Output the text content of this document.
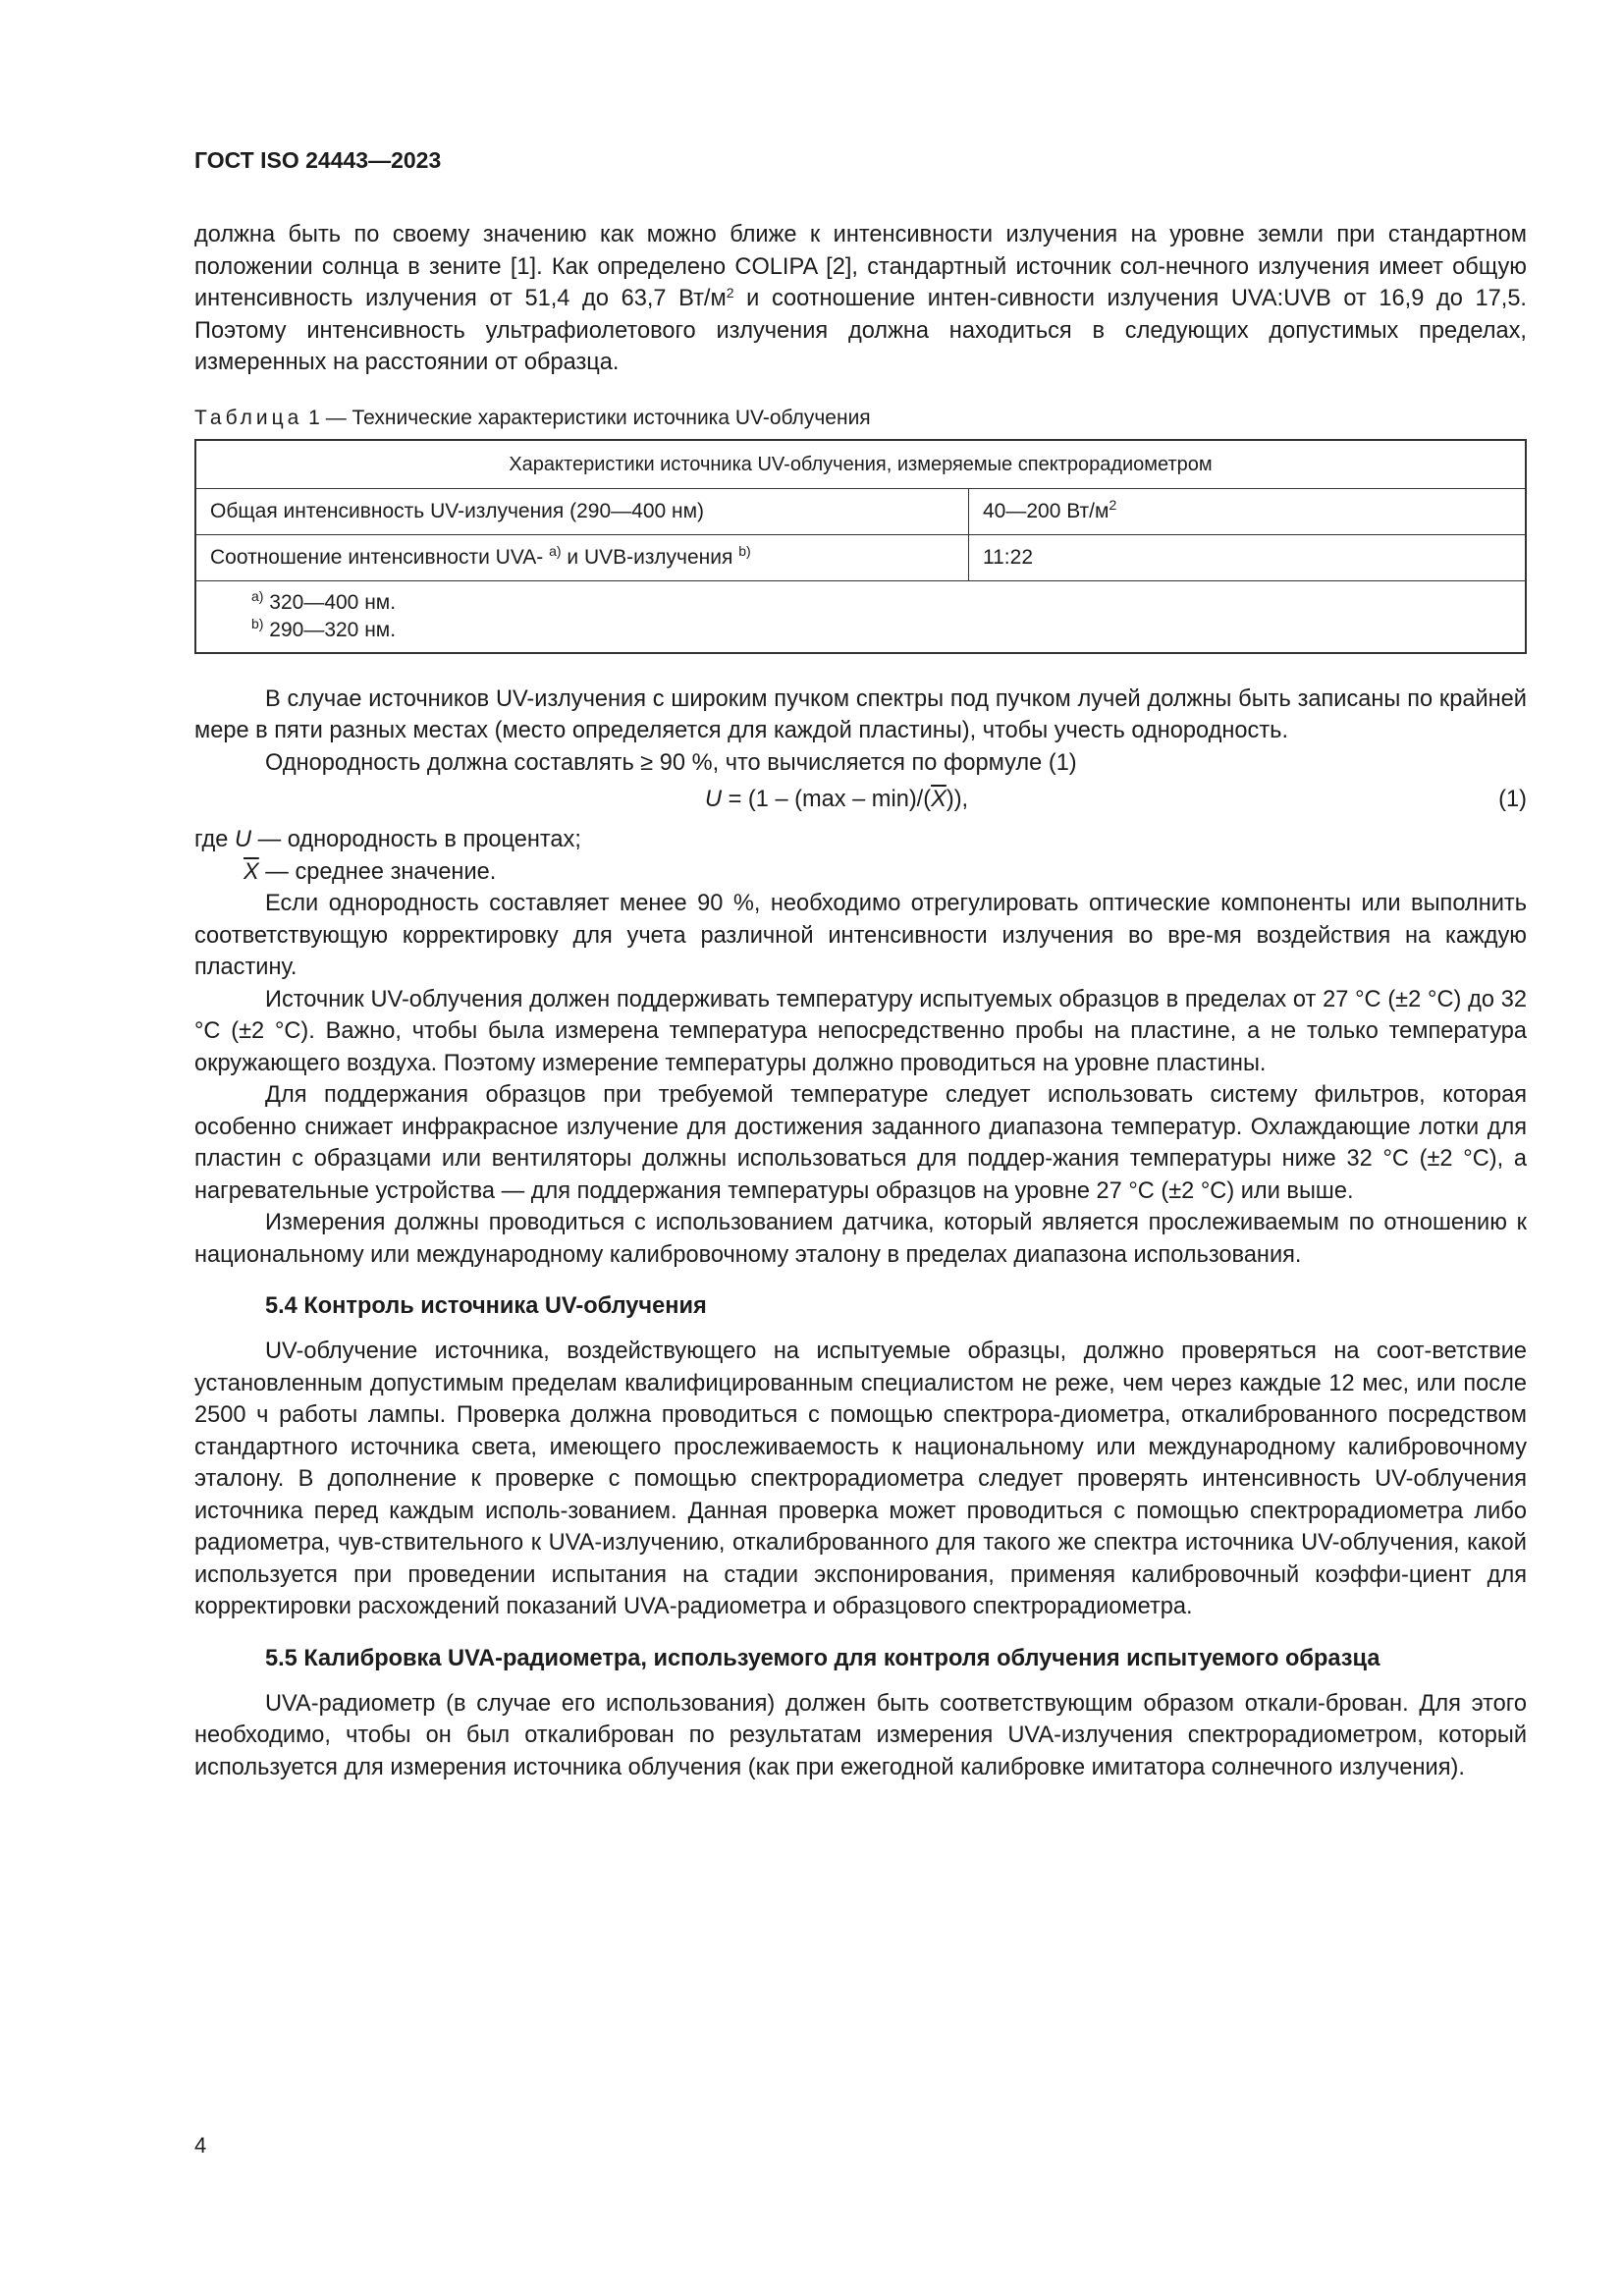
ГОСТ ISO 24443—2023

должна быть по своему значению как можно ближе к интенсивности излучения на уровне земли при стандартном положении солнца в зените [1]. Как определено COLIPA [2], стандартный источник сол-нечного излучения имеет общую интенсивность излучения от 51,4 до 63,7 $Вт/м^2$ и соотношение интен-сивности излучения UVA:UVB от 16,9 до 17,5. Поэтому интенсивность ультрафиолетового излучения должна находиться в следующих допустимых пределах, измеренных на расстоянии от образца.

Таблица 1 — Технические характеристики источника UV-облучения
Характеристики источника UV-облучения, измеряемые спектрорадиометром	
Общая интенсивность UV-излучения (290—400 нм)	40—200 $Вт/м^2$
Соотношение интенсивности UVA- $^{a)}$ и UVB-излучения $^{b)}$	11:22

$^{a)}$ 320—400 нм.
$^{b)}$ 290—320 нм.	

В случае источников UV-излучения с широким пучком спектры под пучком лучей должны быть записаны по крайней мере в пяти разных местах (место определяется для каждой пластины), чтобы учесть однородность.

Однородность должна составлять ≥ 90 %, что вычисляется по формуле (1)

$U = (1 - (\max - \min)/(\overline{X}))$,	(1)
где U — однородность в процентах;
$\overline{X}$ — среднее значение.

Если однородность составляет менее 90 %, необходимо отрегулировать оптические компоненты или выполнить соответствующую корректировку для учета различной интенсивности излучения во вре-мя воздействия на каждую пластину.

Источник UV-облучения должен поддерживать температуру испытуемых образцов в пределах от 27 °С (±2 °С) до 32 °С (±2 °С). Важно, чтобы была измерена температура непосредственно пробы на пластине, а не только температура окружающего воздуха. Поэтому измерение температуры должно проводиться на уровне пластины.

Для поддержания образцов при требуемой температуре следует использовать систему фильтров, которая особенно снижает инфракрасное излучение для достижения заданного диапазона температур. Охлаждающие лотки для пластин с образцами или вентиляторы должны использоваться для поддер-жания температуры ниже 32 °С (±2 °С), а нагревательные устройства — для поддержания температуры образцов на уровне 27 °С (±2 °С) или выше.

Измерения должны проводиться с использованием датчика, который является прослеживаемым по отношению к национальному или международному калибровочному эталону в пределах диапазона использования.

5.4 Контроль источника UV-облучения

UV-облучение источника, воздействующего на испытуемые образцы, должно проверяться на соот-ветствие установленным допустимым пределам квалифицированным специалистом не реже, чем через каждые 12 мес, или после 2500 ч работы лампы. Проверка должна проводиться с помощью спектрора-диометра, откалиброванного посредством стандартного источника света, имеющего прослеживаемость к национальному или международному калибровочному эталону. В дополнение к проверке с помощью спектрорадиометра следует проверять интенсивность UV-облучения источника перед каждым исполь-зованием. Данная проверка может проводиться с помощью спектрорадиометра либо радиометра, чув-ствительного к UVA-излучению, откалиброванного для такого же спектра источника UV-облучения, какой используется при проведении испытания на стадии экспонирования, применяя калибровочный коэффи-циент для корректировки расхождений показаний UVA-радиометра и образцового спектрорадиометра.

5.5 Калибровка UVA-радиометра, используемого для контроля облучения испытуемого образца

UVA-радиометр (в случае его использования) должен быть соответствующим образом откали-брован. Для этого необходимо, чтобы он был откалиброван по результатам измерения UVA-излучения спектрорадиометром, который используется для измерения источника облучения (как при ежегодной калибровке имитатора солнечного излучения).

4
